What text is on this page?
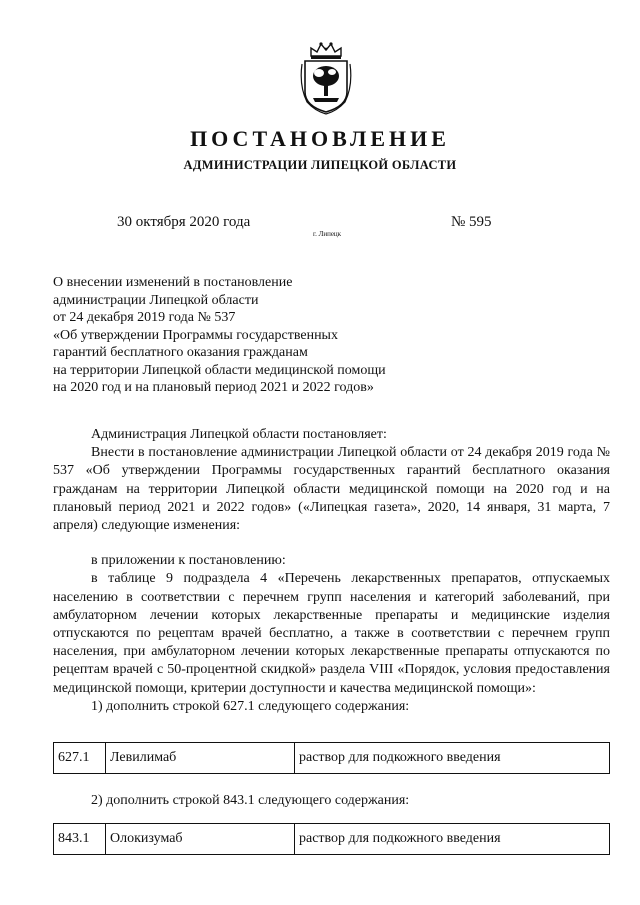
ПОСТАНОВЛЕНИЕ
АДМИНИСТРАЦИИ ЛИПЕЦКОЙ ОБЛАСТИ
30 октября 2020 года
г. Липецк
№ 595
О внесении изменений в постановление
администрации Липецкой области
от 24 декабря 2019 года № 537
«Об утверждении Программы государственных
гарантий бесплатного оказания гражданам
на территории Липецкой области медицинской помощи
на 2020 год и на плановый период 2021 и 2022 годов»

Администрация Липецкой области постановляет:

Внести в постановление администрации Липецкой области от 24 декабря 2019 года № 537 «Об утверждении Программы государственных гарантий бесплатного оказания гражданам на территории Липецкой области медицинской помощи на 2020 год и на плановый период 2021 и 2022 годов» («Липецкая газета», 2020, 14 января, 31 марта, 7 апреля) следующие изменения:

в приложении к постановлению:

в таблице 9 подраздела 4 «Перечень лекарственных препаратов, отпускаемых населению в соответствии с перечнем групп населения и категорий заболеваний, при амбулаторном лечении которых лекарственные препараты и медицинские изделия отпускаются по рецептам врачей бесплатно, а также в соответствии с перечнем групп населения, при амбулаторном лечении которых лекарственные препараты отпускаются по рецептам врачей с 50-процентной скидкой» раздела VIII «Порядок, условия предоставления медицинской помощи, критерии доступности и качества медицинской помощи»:

1) дополнить строкой 627.1 следующего содержания:

627.1	Левилимаб	раствор для подкожного введения
2) дополнить строкой 843.1 следующего содержания:
843.1	Олокизумаб	раствор для подкожного введения
